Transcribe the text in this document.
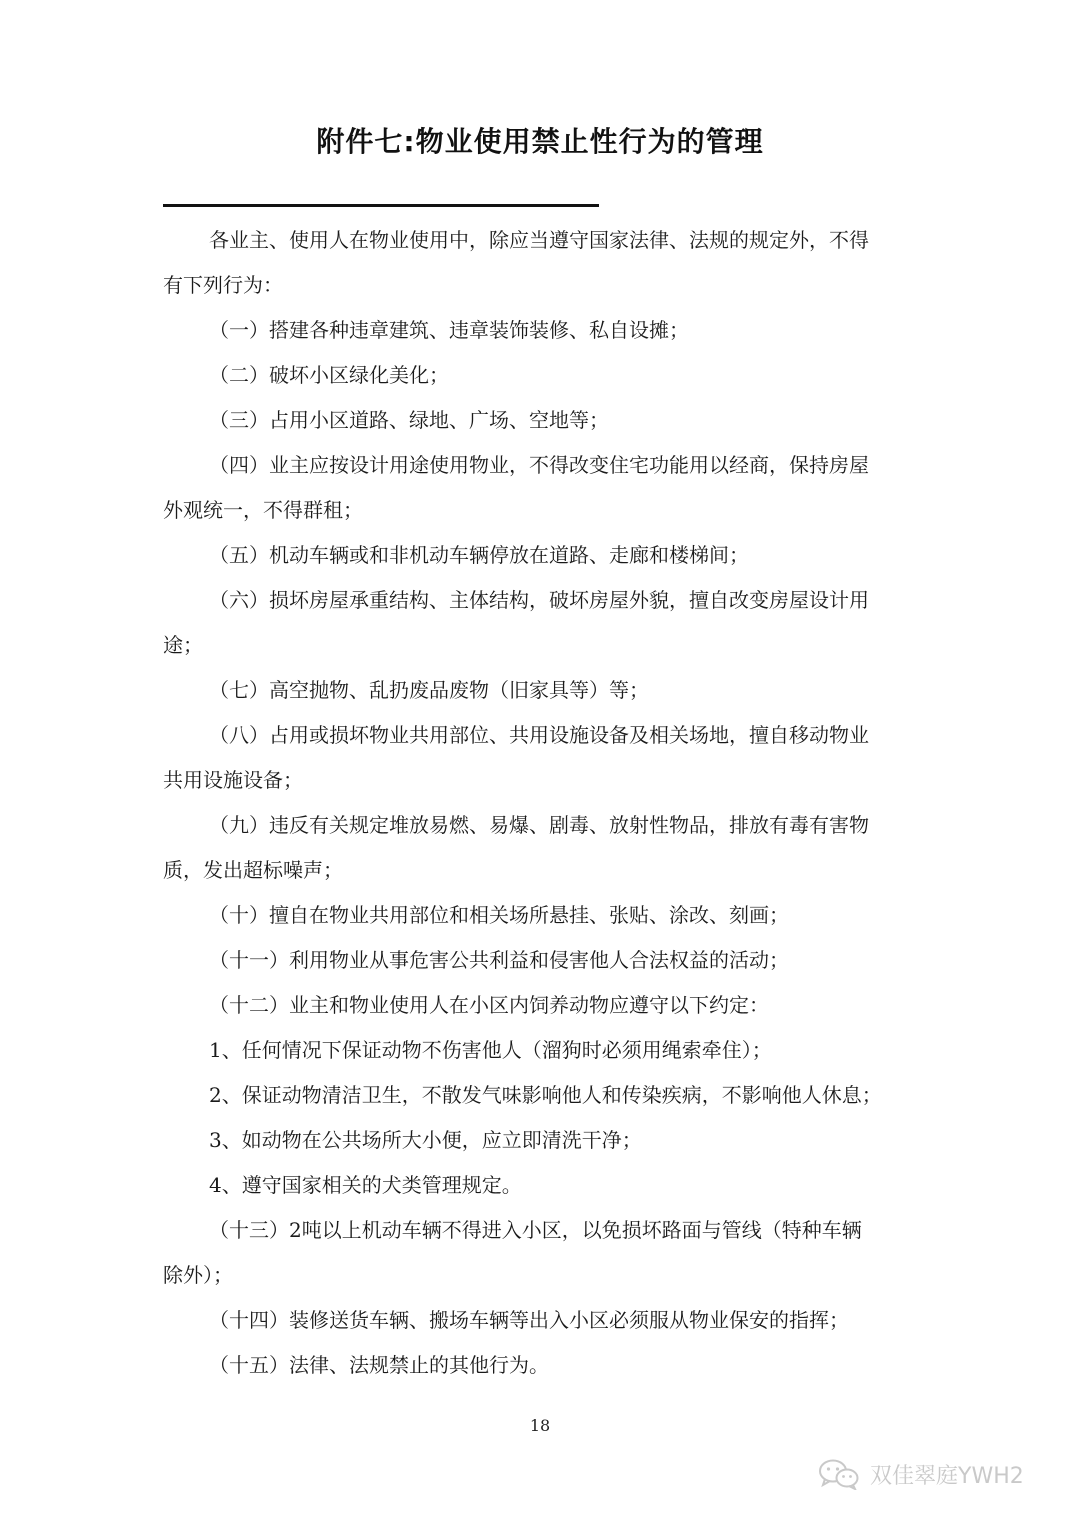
附件七:物业使用禁止性行为的管理
各业主、使用人在物业使用中，除应当遵守国家法律、法规的规定外，不得
有下列行为：
（一）搭建各种违章建筑、违章装饰装修、私自设摊；
（二）破坏小区绿化美化；
（三）占用小区道路、绿地、广场、空地等；
（四）业主应按设计用途使用物业，不得改变住宅功能用以经商，保持房屋
外观统一，不得群租；
（五）机动车辆或和非机动车辆停放在道路、走廊和楼梯间；
（六）损坏房屋承重结构、主体结构，破坏房屋外貌，擅自改变房屋设计用
途；
（七）高空抛物、乱扔废品废物（旧家具等）等；
（八）占用或损坏物业共用部位、共用设施设备及相关场地，擅自移动物业
共用设施设备；
（九）违反有关规定堆放易燃、易爆、剧毒、放射性物品，排放有毒有害物
质，发出超标噪声；
（十）擅自在物业共用部位和相关场所悬挂、张贴、涂改、刻画；
（十一）利用物业从事危害公共利益和侵害他人合法权益的活动；
（十二）业主和物业使用人在小区内饲养动物应遵守以下约定：
1、任何情况下保证动物不伤害他人（溜狗时必须用绳索牵住）；
2、保证动物清洁卫生，不散发气味影响他人和传染疾病，不影响他人休息；
3、如动物在公共场所大小便，应立即清洗干净；
4、遵守国家相关的犬类管理规定。
（十三）2吨以上机动车辆不得进入小区，以免损坏路面与管线（特种车辆
除外）；
（十四）装修送货车辆、搬场车辆等出入小区必须服从物业保安的指挥；
（十五）法律、法规禁止的其他行为。
18
双佳翠庭YWH2
